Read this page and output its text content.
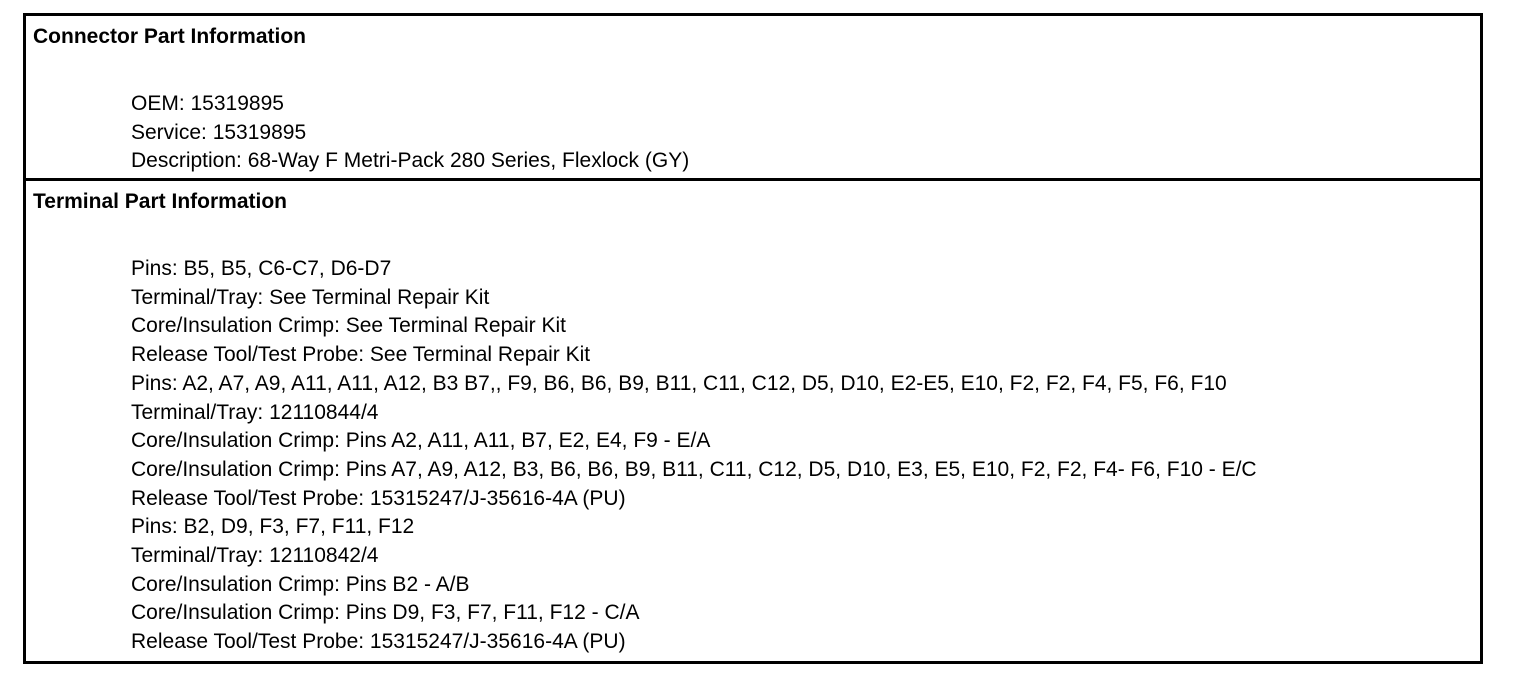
Connector Part Information
OEM: 15319895
Service: 15319895
Description: 68-Way F Metri-Pack 280 Series, Flexlock (GY)
Terminal Part Information
Pins: B5, B5, C6-C7, D6-D7
Terminal/Tray: See Terminal Repair Kit
Core/Insulation Crimp: See Terminal Repair Kit
Release Tool/Test Probe: See Terminal Repair Kit
Pins: A2, A7, A9, A11, A11, A12, B3 B7,, F9, B6, B6, B9, B11, C11, C12, D5, D10, E2-E5, E10, F2, F2, F4, F5, F6, F10
Terminal/Tray: 12110844/4
Core/Insulation Crimp: Pins A2, A11, A11, B7, E2, E4, F9 - E/A
Core/Insulation Crimp: Pins A7, A9, A12, B3, B6, B6, B9, B11, C11, C12, D5, D10, E3, E5, E10, F2, F2, F4- F6, F10 - E/C
Release Tool/Test Probe: 15315247/J-35616-4A (PU)
Pins: B2, D9, F3, F7, F11, F12
Terminal/Tray: 12110842/4
Core/Insulation Crimp: Pins B2 - A/B
Core/Insulation Crimp: Pins D9, F3, F7, F11, F12 - C/A
Release Tool/Test Probe: 15315247/J-35616-4A (PU)
